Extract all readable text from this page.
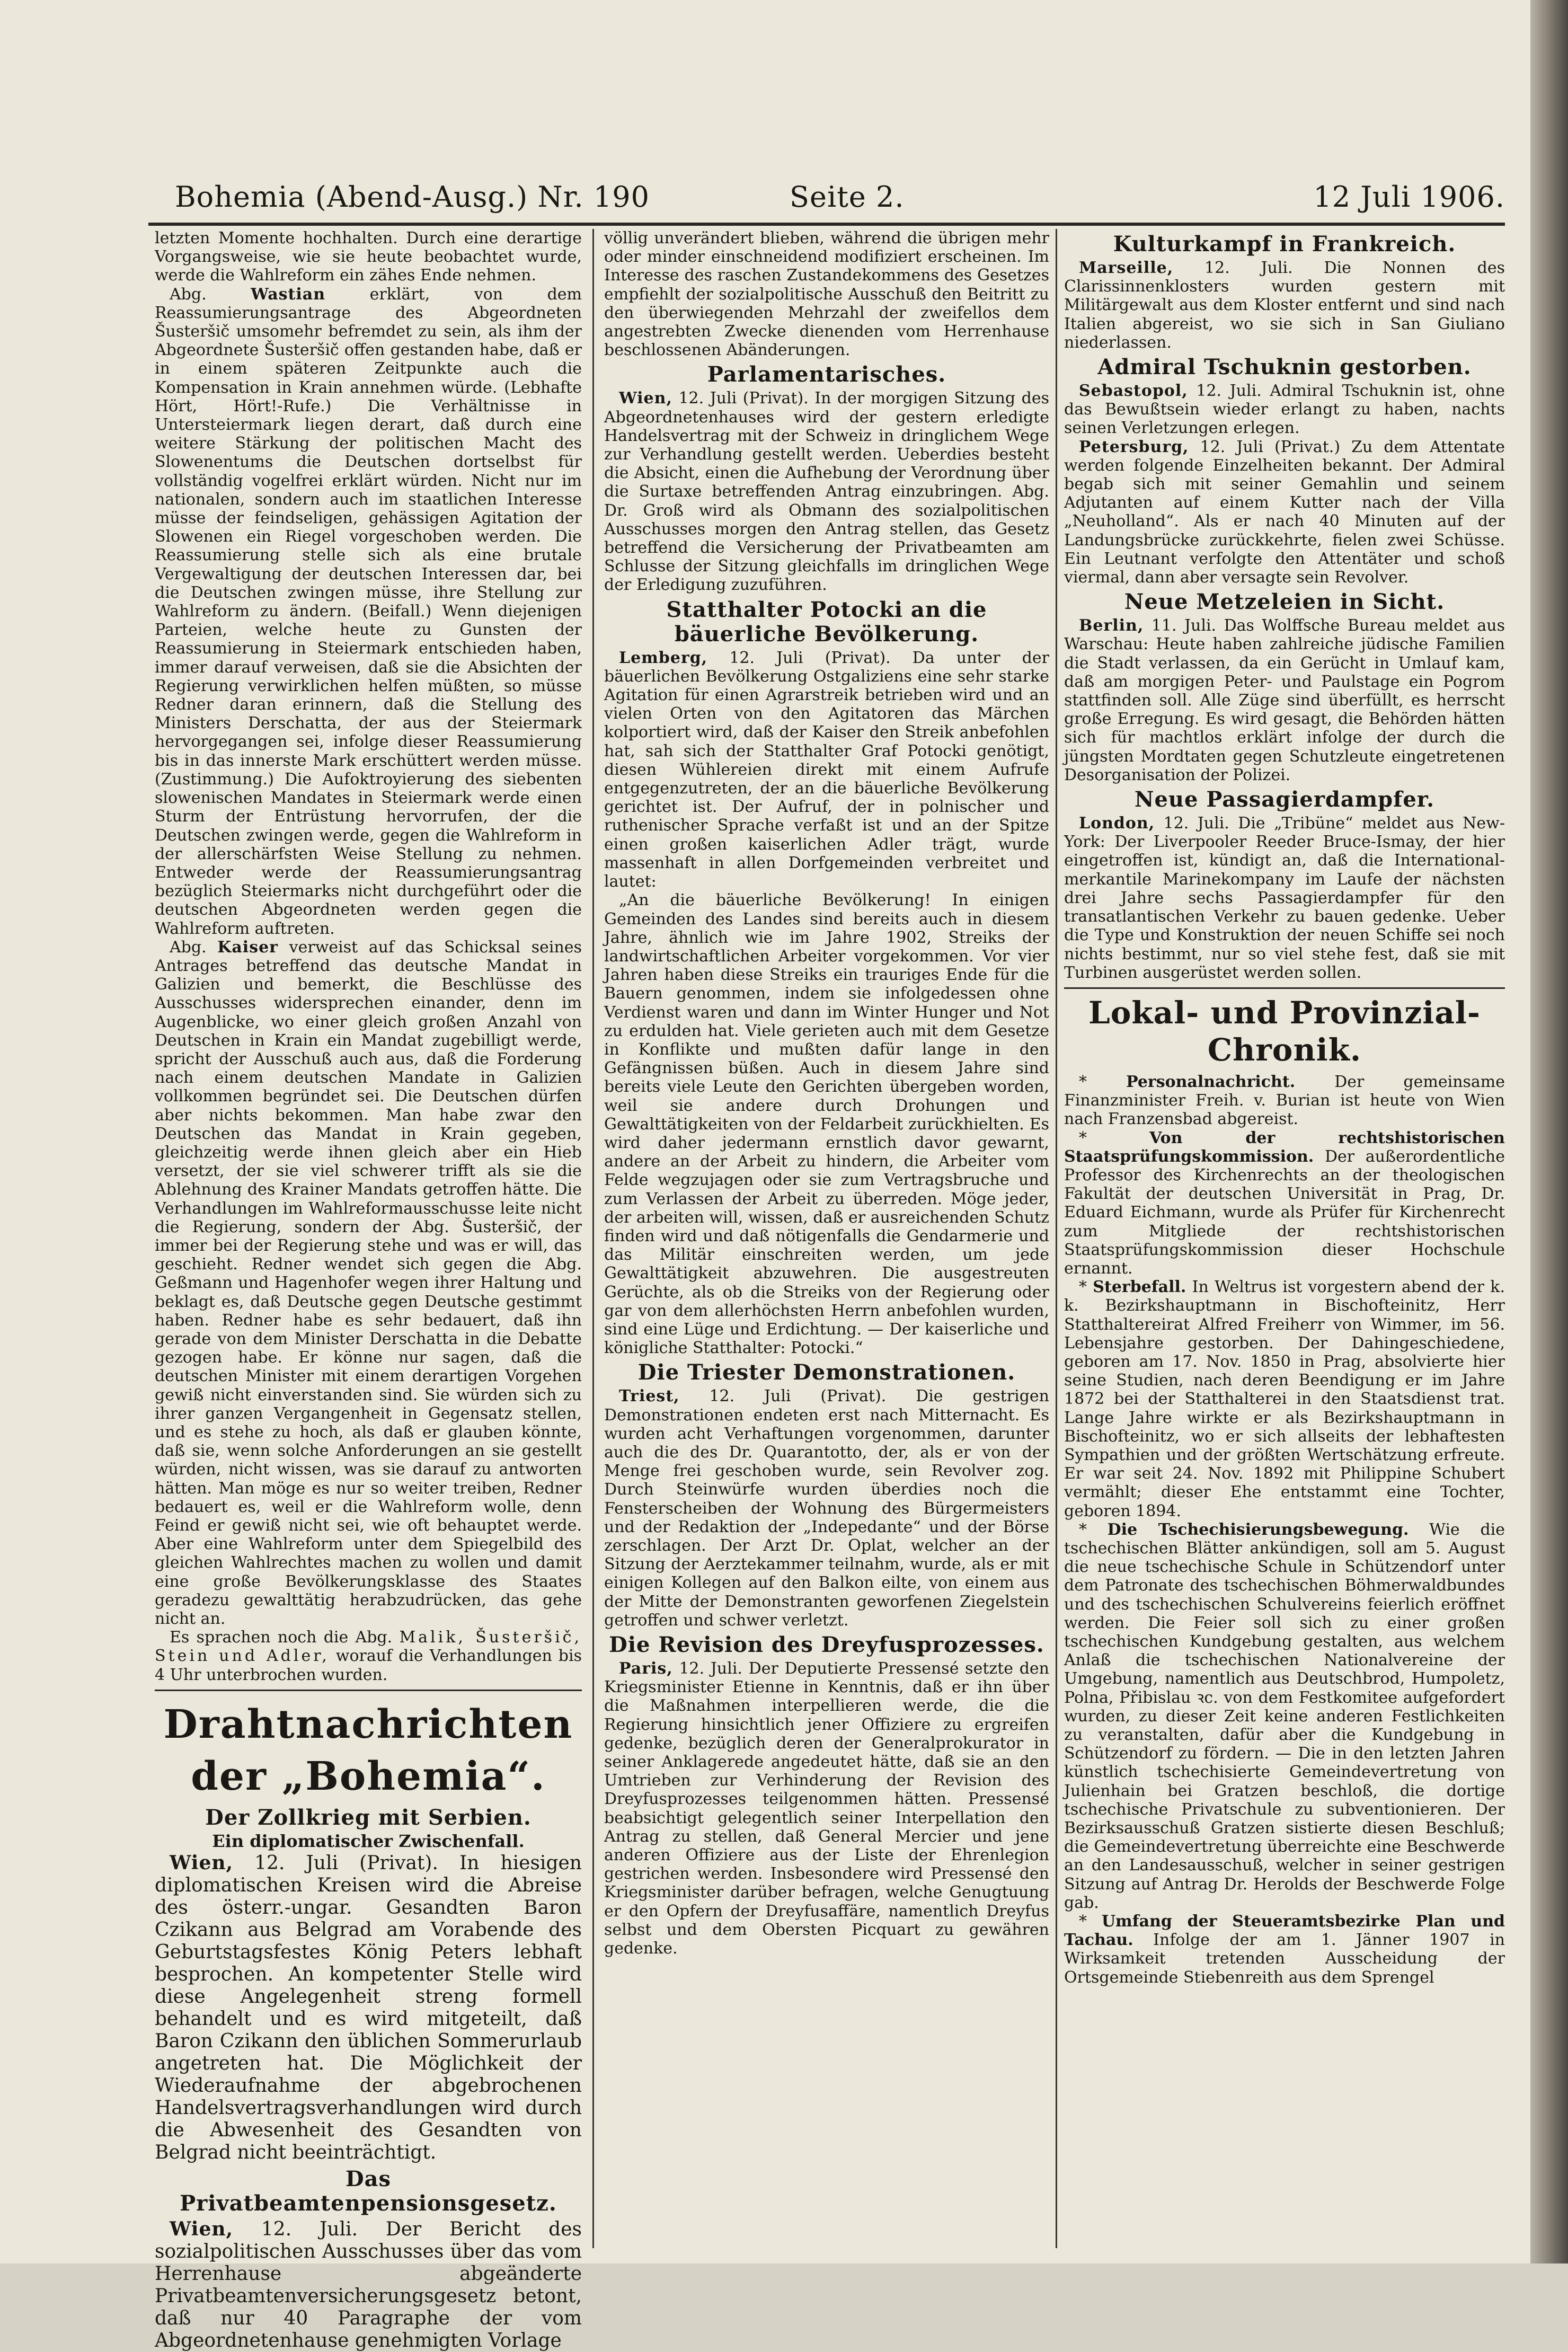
Bohemia (Abend-Ausg.) Nr. 190	Seite 2.	12 Juli 1906.

letzten Momente hochhalten. Durch eine derartige Vorgangsweise, wie sie heute beobachtet wurde, werde die Wahlreform ein zähes Ende nehmen.

Abg.	Wastian	erklärt, von dem Reassumierungsantrage des Abgeordneten Šusteršič umsomehr befremdet zu sein, als ihm der Abgeordnete Šusteršič offen gestanden habe, daß er in einem späteren Zeitpunkte auch die Kompensation in Krain annehmen würde. (Lebhafte Hört, Hört!-Rufe.) Die Verhältnisse in Untersteiermark liegen derart, daß durch eine weitere Stärkung der politischen Macht des Slowenentums die Deutschen dortselbst für vollständig vogelfrei erklärt würden. Nicht nur im nationalen, sondern auch im staatlichen Interesse müsse der feindseligen, gehässigen Agitation der Slowenen ein Riegel vorgeschoben werden. Die Reassumierung stelle sich als eine brutale Vergewaltigung der deutschen Interessen dar, bei die Deutschen zwingen müsse, ihre Stellung zur Wahlreform zu ändern. (Beifall.) Wenn diejenigen Parteien, welche heute zu Gunsten der Reassumierung in Steiermark entschieden haben, immer darauf verweisen, daß sie die Absichten der Regierung verwirklichen helfen müßten, so müsse Redner daran erinnern, daß die Stellung des Ministers Derschatta, der aus der Steiermark hervorgegangen sei, infolge dieser Reassumierung bis in das innerste Mark erschüttert werden müsse. (Zustimmung.) Die Aufoktroyierung des siebenten slowenischen Mandates in Steiermark werde einen Sturm der Entrüstung hervorrufen, der die Deutschen zwingen werde, gegen die Wahlreform in der allerschärfsten Weise Stellung zu nehmen. Entweder werde der Reassumierungsantrag bezüglich Steiermarks nicht durchgeführt oder die deutschen Abgeordneten werden gegen die Wahlreform auftreten.

Abg. Kaiser verweist auf das Schicksal seines Antrages betreffend das deutsche Mandat in Galizien und bemerkt, die Beschlüsse des Ausschusses widersprechen einander, denn im Augenblicke, wo einer gleich großen Anzahl von Deutschen in Krain ein Mandat zugebilligt werde, spricht der Ausschuß auch aus, daß die Forderung nach einem deutschen Mandate in Galizien vollkommen begründet sei. Die Deutschen dürfen aber nichts bekommen. Man habe zwar den Deutschen das Mandat in Krain gegeben, gleichzeitig werde ihnen gleich aber ein Hieb versetzt, der sie viel schwerer trifft als sie die Ablehnung des Krainer Mandats getroffen hätte. Die Verhandlungen im Wahlreformausschusse leite nicht die Regierung, sondern der Abg. Šusteršič, der immer bei der Regierung stehe und was er will, das geschieht. Redner wendet sich gegen die Abg. Geßmann und Hagenhofer wegen ihrer Haltung und beklagt es, daß Deutsche gegen Deutsche gestimmt haben. Redner habe es sehr bedauert, daß ihn gerade von dem Minister Derschatta in die Debatte gezogen habe. Er könne nur sagen, daß die deutschen Minister mit einem derartigen Vorgehen gewiß nicht einverstanden sind. Sie würden sich zu ihrer ganzen Vergangenheit in Gegensatz stellen, und es stehe zu hoch, als daß er glauben könnte, daß sie, wenn solche Anforderungen an sie gestellt würden, nicht wissen, was sie darauf zu antworten hätten. Man möge es nur so weiter treiben, Redner bedauert es, weil er die Wahlreform wolle, denn Feind er gewiß nicht sei, wie oft behauptet werde. Aber eine Wahlreform unter dem Spiegelbild des gleichen Wahlrechtes machen zu wollen und damit eine große Bevölkerungsklasse des Staates geradezu gewalttätig herabzudrücken, das gehe nicht an.

Es sprachen noch die Abg. Malik, Šusteršič, Stein und Adler, worauf die Verhandlungen bis 4 Uhr unterbrochen wurden.

Drahtnachrichten der „Bohemia“.
Der Zollkrieg mit Serbien.
Ein diplomatischer Zwischenfall.

Wien, 12. Juli (Privat). In hiesigen diplomatischen Kreisen wird die Abreise des österr.-ungar. Gesandten Baron Czikann aus Belgrad am Vorabende des Geburtstagsfestes König Peters lebhaft besprochen. An kompetenter Stelle wird diese Angelegenheit streng formell behandelt und es wird mitgeteilt, daß Baron Czikann den üblichen Sommerurlaub angetreten hat. Die Möglichkeit der Wiederaufnahme der abgebrochenen Handelsvertragsverhandlungen wird durch die Abwesenheit des Gesandten von Belgrad nicht beeinträchtigt.

Das Privatbeamtenpensionsgesetz.

Wien, 12. Juli. Der Bericht des sozialpolitischen Ausschusses über das vom Herrenhause abgeänderte Privatbeamtenversicherungsgesetz betont, daß nur 40 Paragraphe der vom Abgeordnetenhause genehmigten Vorlage

völlig unverändert blieben, während die übrigen mehr oder minder einschneidend modifiziert erscheinen. Im Interesse des raschen Zustandekommens des Gesetzes empfiehlt der sozialpolitische Ausschuß den Beitritt zu den überwiegenden Mehrzahl der zweifellos dem angestrebten Zwecke dienenden vom Herrenhause beschlossenen Abänderungen.

Parlamentarisches.

Wien, 12. Juli (Privat). In der morgigen Sitzung des Abgeordnetenhauses wird der gestern erledigte Handelsvertrag mit der Schweiz in dringlichem Wege zur Verhandlung gestellt werden. Ueberdies besteht die Absicht, einen die Aufhebung der Verordnung über die Surtaxe betreffenden Antrag einzubringen. Abg. Dr. Groß wird als Obmann des sozialpolitischen Ausschusses morgen den Antrag stellen, das Gesetz betreffend die Versicherung der Privatbeamten am Schlusse der Sitzung gleichfalls im dringlichen Wege der Erledigung zuzuführen.

Statthalter Potocki an die bäuerliche Bevölkerung.

Lemberg, 12. Juli (Privat). Da unter der bäuerlichen Bevölkerung Ostgaliziens eine sehr starke Agitation für einen Agrarstreik betrieben wird und an vielen Orten von den Agitatoren das Märchen kolportiert wird, daß der Kaiser den Streik anbefohlen hat, sah sich der Statthalter Graf Potocki genötigt, diesen Wühlereien direkt mit einem Aufrufe entgegenzutreten, der an die bäuerliche Bevölkerung gerichtet ist. Der Aufruf, der in polnischer und ruthenischer Sprache verfaßt ist und an der Spitze einen großen kaiserlichen Adler trägt, wurde massenhaft in allen Dorfgemeinden verbreitet und lautet:

„An die bäuerliche Bevölkerung! In einigen Gemeinden des Landes sind bereits auch in diesem Jahre, ähnlich wie im Jahre 1902, Streiks der landwirtschaftlichen Arbeiter vorgekommen. Vor vier Jahren haben diese Streiks ein trauriges Ende für die Bauern genommen, indem sie infolgedessen ohne Verdienst waren und dann im Winter Hunger und Not zu erdulden hat. Viele gerieten auch mit dem Gesetze in Konflikte und mußten dafür lange in den Gefängnissen büßen. Auch in diesem Jahre sind bereits viele Leute den Gerichten übergeben worden, weil sie andere durch Drohungen und Gewalttätigkeiten von der Feldarbeit zurückhielten. Es wird daher jedermann ernstlich davor gewarnt, andere an der Arbeit zu hindern, die Arbeiter vom Felde wegzujagen oder sie zum Vertragsbruche und zum Verlassen der Arbeit zu überreden. Möge jeder, der arbeiten will, wissen, daß er ausreichenden Schutz finden wird und daß nötigenfalls die Gendarmerie und das Militär einschreiten werden, um jede Gewalttätigkeit abzuwehren. Die ausgestreuten Gerüchte, als ob die Streiks von der Regierung oder gar von dem allerhöchsten Herrn anbefohlen wurden, sind eine Lüge und Erdichtung. — Der kaiserliche und königliche Statthalter: Potocki.“

Die Triester Demonstrationen.

Triest, 12. Juli (Privat). Die gestrigen Demonstrationen endeten erst nach Mitternacht. Es wurden acht Verhaftungen vorgenommen, darunter auch die des Dr. Quarantotto, der, als er von der Menge frei geschoben wurde, sein Revolver zog. Durch Steinwürfe wurden überdies noch die Fensterscheiben der Wohnung des Bürgermeisters und der Redaktion der „Indepedante“ und der Börse zerschlagen. Der Arzt Dr. Oplat, welcher an der Sitzung der Aerztekammer teilnahm, wurde, als er mit einigen Kollegen auf den Balkon eilte, von einem aus der Mitte der Demonstranten geworfenen Ziegelstein getroffen und schwer verletzt.

Die Revision des Dreyfusprozesses.

Paris, 12. Juli. Der Deputierte Pressensé setzte den Kriegsminister Etienne in Kenntnis, daß er ihn über die Maßnahmen interpellieren werde, die die Regierung hinsichtlich jener Offiziere zu ergreifen gedenke, bezüglich deren der Generalprokurator in seiner Anklagerede angedeutet hätte, daß sie an den Umtrieben zur Verhinderung der Revision des Dreyfusprozesses teilgenommen hätten. Pressensé beabsichtigt gelegentlich seiner Interpellation den Antrag zu stellen, daß General Mercier und jene anderen Offiziere aus der Liste der Ehrenlegion gestrichen werden. Insbesondere wird Pressensé den Kriegsminister darüber befragen, welche Genugtuung er den Opfern der Dreyfusaffäre, namentlich Dreyfus selbst und dem Obersten Picquart zu gewähren gedenke.

Kulturkampf in Frankreich.

Marseille, 12. Juli. Die Nonnen des Clarissinnenklosters wurden gestern mit Militärgewalt aus dem Kloster entfernt und sind nach Italien abgereist, wo sie sich in San Giuliano niederlassen.

Admiral Tschuknin gestorben.

Sebastopol, 12. Juli. Admiral Tschuknin ist, ohne das Bewußtsein wieder erlangt zu haben, nachts seinen Verletzungen erlegen.

Petersburg, 12. Juli (Privat.) Zu dem Attentate werden folgende Einzelheiten bekannt. Der Admiral begab sich mit seiner Gemahlin und seinem Adjutanten auf einem Kutter nach der Villa „Neuholland“. Als er nach 40 Minuten auf der Landungsbrücke zurückkehrte, fielen zwei Schüsse. Ein Leutnant verfolgte den Attentäter und schoß viermal, dann aber versagte sein Revolver.

Neue Metzeleien in Sicht.

Berlin, 11. Juli. Das Wolffsche Bureau meldet aus Warschau: Heute haben zahlreiche jüdische Familien die Stadt verlassen, da ein Gerücht in Umlauf kam, daß am morgigen Peter- und Paulstage ein Pogrom stattfinden soll. Alle Züge sind überfüllt, es herrscht große Erregung. Es wird gesagt, die Behörden hätten sich für machtlos erklärt infolge der durch die jüngsten Mordtaten gegen Schutzleute eingetretenen Desorganisation der Polizei.

Neue Passagierdampfer.

London, 12. Juli. Die „Tribüne“ meldet aus New-York: Der Liverpooler Reeder Bruce-Ismay, der hier eingetroffen ist, kündigt an, daß die International-merkantile Marinekompany im Laufe der nächsten drei Jahre sechs Passagierdampfer für den transatlantischen Verkehr zu bauen gedenke. Ueber die Type und Konstruktion der neuen Schiffe sei noch nichts bestimmt, nur so viel stehe fest, daß sie mit Turbinen ausgerüstet werden sollen.

Lokal- und Provinzial-Chronik.

* Personalnachricht. Der gemeinsame Finanzminister Freih. v. Burian ist heute von Wien nach Franzensbad abgereist.

* Von der rechtshistorischen Staatsprüfungskommission. Der außerordentliche Professor des Kirchenrechts an der theologischen Fakultät der deutschen Universität in Prag, Dr. Eduard Eichmann, wurde als Prüfer für Kirchenrecht zum Mitgliede der rechtshistorischen Staatsprüfungskommission dieser Hochschule ernannt.

* Sterbefall. In Weltrus ist vorgestern abend der k. k. Bezirkshauptmann in Bischofteinitz, Herr Statthaltereirat Alfred Freiherr von Wimmer, im 56. Lebensjahre gestorben. Der Dahingeschiedene, geboren am 17. Nov. 1850 in Prag, absolvierte hier seine Studien, nach deren Beendigung er im Jahre 1872 bei der Statthalterei in den Staatsdienst trat. Lange Jahre wirkte er als Bezirkshauptmann in Bischofteinitz, wo er sich allseits der lebhaftesten Sympathien und der größten Wertschätzung erfreute. Er war seit 24. Nov. 1892 mit Philippine Schubert vermählt; dieser Ehe entstammt eine Tochter, geboren 1894.

* Die Tschechisierungsbewegung. Wie die tschechischen Blätter ankündigen, soll am 5. August die neue tschechische Schule in Schützendorf unter dem Patronate des tschechischen Böhmerwaldbundes und des tschechischen Schulvereins feierlich eröffnet werden. Die Feier soll sich zu einer großen tschechischen Kundgebung gestalten, aus welchem Anlaß die tschechischen Nationalvereine der Umgebung, namentlich aus Deutschbrod, Humpoletz, Polna, Přibislau ꝛc. von dem Festkomitee aufgefordert wurden, zu dieser Zeit keine anderen Festlichkeiten zu veranstalten, dafür aber die Kundgebung in Schützendorf zu fördern. — Die in den letzten Jahren künstlich tschechisierte Gemeindevertretung von Julienhain bei Gratzen beschloß, die dortige tschechische Privatschule zu subventionieren. Der Bezirksausschuß Gratzen sistierte diesen Beschluß; die Gemeindevertretung überreichte eine Beschwerde an den Landesausschuß, welcher in seiner gestrigen Sitzung auf Antrag Dr. Herolds der Beschwerde Folge gab.

* Umfang der Steueramtsbezirke Plan und Tachau. Infolge der am 1. Jänner 1907 in Wirksamkeit tretenden Ausscheidung der Ortsgemeinde Stiebenreith aus dem Sprengel
